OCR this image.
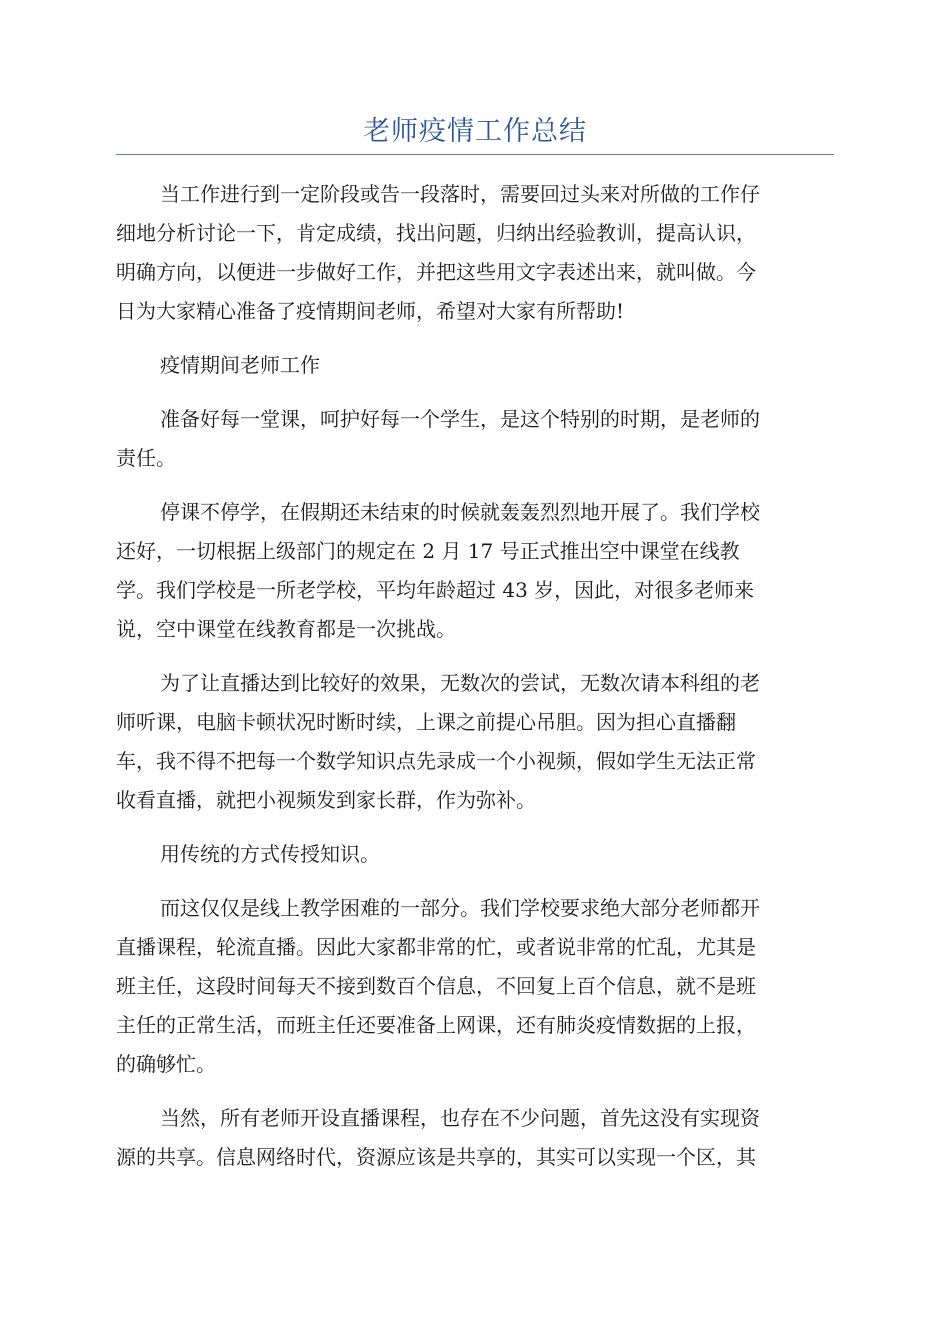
老师疫情工作总结

当工作进行到一定阶段或告一段落时，需要回过头来对所做的工作仔
细地分析讨论一下，肯定成绩，找出问题，归纳出经验教训，提高认识，
明确方向，以便进一步做好工作，并把这些用文字表述出来，就叫做。今
日为大家精心准备了疫情期间老师，希望对大家有所帮助!

疫情期间老师工作

准备好每一堂课，呵护好每一个学生，是这个特别的时期，是老师的
责任。

停课不停学，在假期还未结束的时候就轰轰烈烈地开展了。我们学校
还好，一切根据上级部门的规定在 2 月 17 号正式推出空中课堂在线教
学。我们学校是一所老学校，平均年龄超过 43 岁，因此，对很多老师来
说，空中课堂在线教育都是一次挑战。

为了让直播达到比较好的效果，无数次的尝试，无数次请本科组的老
师听课，电脑卡顿状况时断时续，上课之前提心吊胆。因为担心直播翻
车，我不得不把每一个数学知识点先录成一个小视频，假如学生无法正常
收看直播，就把小视频发到家长群，作为弥补。

用传统的方式传授知识。

而这仅仅是线上教学困难的一部分。我们学校要求绝大部分老师都开
直播课程，轮流直播。因此大家都非常的忙，或者说非常的忙乱，尤其是
班主任，这段时间每天不接到数百个信息，不回复上百个信息，就不是班
主任的正常生活，而班主任还要准备上网课，还有肺炎疫情数据的上报，
的确够忙。

当然，所有老师开设直播课程，也存在不少问题，首先这没有实现资
源的共享。信息网络时代，资源应该是共享的，其实可以实现一个区，其
